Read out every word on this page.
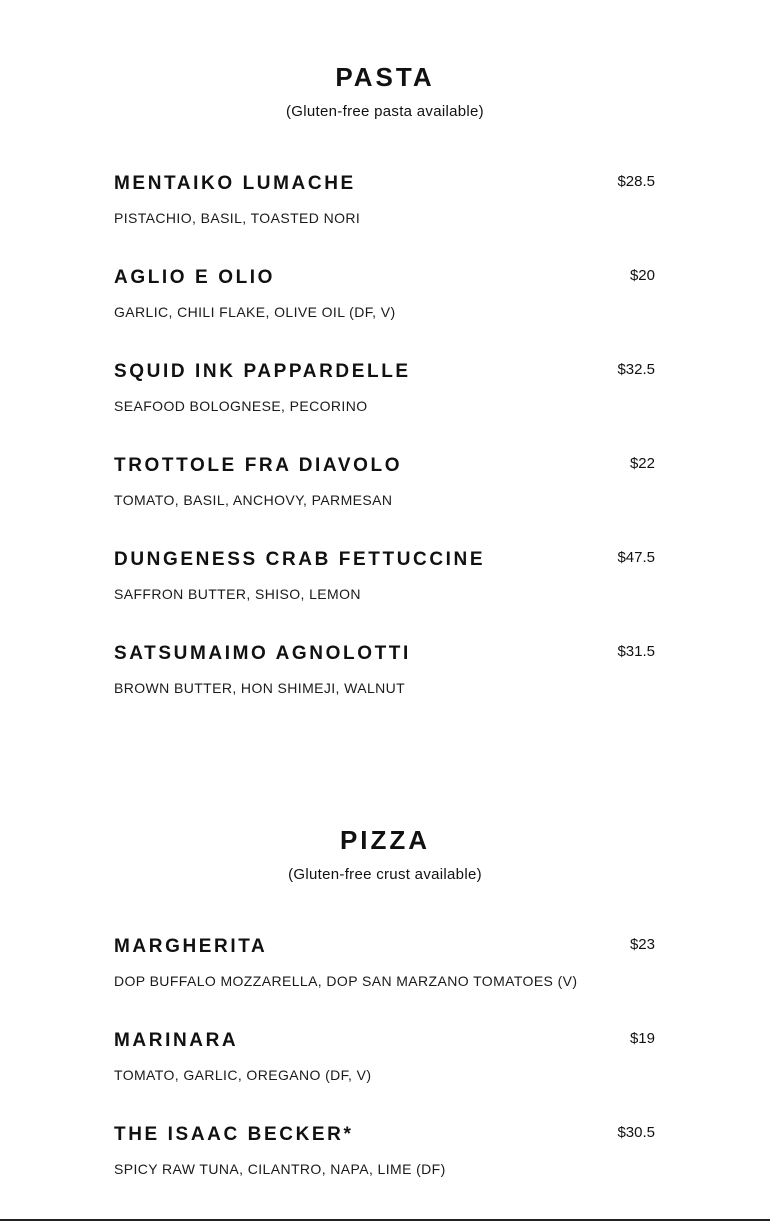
PASTA

(Gluten-free pasta available)

MENTAIKO LUMACHE	$28.5
PISTACHIO, BASIL, TOASTED NORI
AGLIO E OLIO	$20
GARLIC, CHILI FLAKE, OLIVE OIL (DF, V)
SQUID INK PAPPARDELLE	$32.5
SEAFOOD BOLOGNESE, PECORINO
TROTTOLE FRA DIAVOLO	$22
TOMATO, BASIL, ANCHOVY, PARMESAN
DUNGENESS CRAB FETTUCCINE	$47.5
SAFFRON BUTTER, SHISO, LEMON
SATSUMAIMO AGNOLOTTI	$31.5
BROWN BUTTER, HON SHIMEJI, WALNUT
PIZZA

(Gluten-free crust available)

MARGHERITA	$23
DOP BUFFALO MOZZARELLA, DOP SAN MARZANO TOMATOES (V)
MARINARA	$19
TOMATO, GARLIC, OREGANO (DF, V)
THE ISAAC BECKER*	$30.5
SPICY RAW TUNA, CILANTRO, NAPA, LIME (DF)
